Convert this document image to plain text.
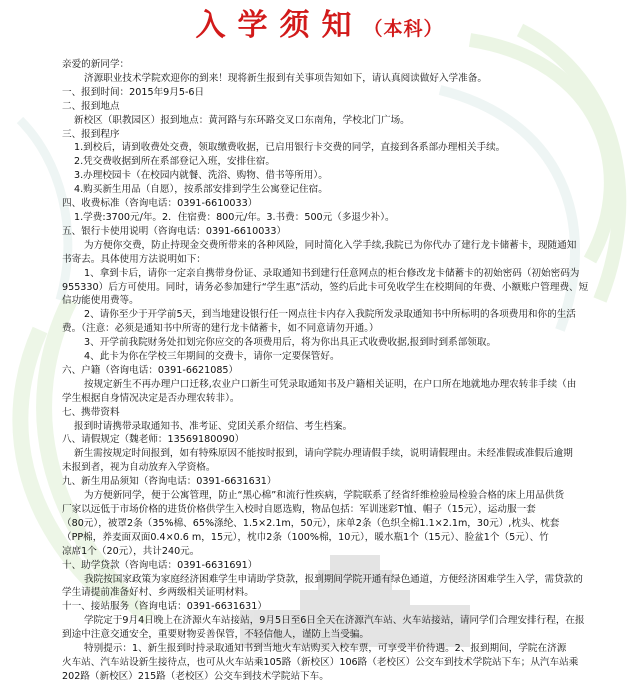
入学须知（本科）

亲爱的新同学：

济源职业技术学院欢迎你的到来！现将新生报到有关事项告知如下，请认真阅读做好入学准备。

一、报到时间：2015年9月5-6日

二、报到地点

新校区（职教园区）报到地点：黄河路与东环路交叉口东南角，学校北门广场。

三、报到程序

1.到校后，请到收费处交费，领取缴费收据，已启用银行卡交费的同学，直接到各系部办理相关手续。

2.凭交费收据到所在系部登记入班，安排住宿。

3.办理校园卡（在校园内就餐、洗浴、购物、借书等所用）。

4.购买新生用品（自愿），按系部安排到学生公寓登记住宿。

四、收费标准（咨询电话：0391-6610033）

1.学费:3700元/年。2．住宿费：800元/年。3.书费：500元（多退少补）。

五、银行卡使用说明（咨询电话：0391-6610033）

为方便你交费，防止持现金交费所带来的各种风险，同时简化入学手续,我院已为你代办了建行龙卡储蓄卡，现随通知

书寄去。具体使用方法说明如下：

1、拿到卡后，请你一定亲自携带身份证、录取通知书到建行任意网点的柜台修改龙卡储蓄卡的初始密码（初始密码为

955330）后方可使用。同时，请务必参加建行“学生惠”活动，签约后此卡可免收学生在校期间的年费、小额账户管理费、短

信功能使用费等。

2、请你至少于开学前5天，到当地建设银行任一网点往卡内存入我院所发录取通知书中所标明的各项费用和你的生活

费。（注意：必须是通知书中所寄的建行龙卡储蓄卡，如不同意请勿开通。）

3、开学前我院财务处扣划完你应交的各项费用后，将为你出具正式收费收据,报到时到系部领取。

4、此卡为你在学校三年期间的交费卡，请你一定要保管好。

六、户籍（咨询电话：0391-6621085）

按规定新生不再办理户口迁移,农业户口新生可凭录取通知书及户籍相关证明，在户口所在地就地办理农转非手续（由

学生根据自身情况决定是否办理农转非）。

七、携带资料

报到时请携带录取通知书、准考证、党团关系介绍信、考生档案。

八、请假规定（魏老师：13569180090）

新生需按规定时间报到，如有特殊原因不能按时报到，请向学院办理请假手续，说明请假理由。未经准假或准假后逾期

未报到者，视为自动放弃入学资格。

九、新生用品须知（咨询电话：0391-6631631）

为方便新同学，便于公寓管理，防止“黑心棉”和流行性疾病，学院联系了经省纤维检验局检验合格的床上用品供货

厂家以远低于市场价格的进货价格供学生入校时自愿选购，物品包括：军训迷彩T恤、帽子（15元），运动服一套

（80元），被罩2条（35%棉、65%涤纶、1.5×2.1m，50元），床单2条（色织全棉1.1×2.1m，30元）,枕头、枕套

（PP棉，养麦面双面0.4×0.6 m，15元），枕巾2条（100%棉，10元），暖水瓶1个（15元）、脸盆1个（5元）、竹

凉席1个（20元），共计240元。

十、助学贷款（咨询电话：0391-6631691）

我院按国家政策为家庭经济困难学生申请助学贷款，报到期间学院开通有绿色通道，方便经济困难学生入学，需贷款的

学生请提前准备好村、乡两级相关证明材料。

十一、接站服务（咨询电话：0391-6631631）

学院定于9月4日晚上在济源火车站接站，9月5日至6日全天在济源汽车站、火车站接站，请同学们合理安排行程，在报

到途中注意交通安全，重要财物妥善保管，不轻信他人，谨防上当受骗。

特别提示：1、新生报到时持录取通知书到当地火车站购买入校车票，可享受半价待遇。2、报到期间，学院在济源

火车站、汽车站设新生接待点，也可从火车站乘105路（新校区）106路（老校区）公交车到技术学院站下车；从汽车站乘

202路（新校区）215路（老校区）公交车到技术学院站下车。
